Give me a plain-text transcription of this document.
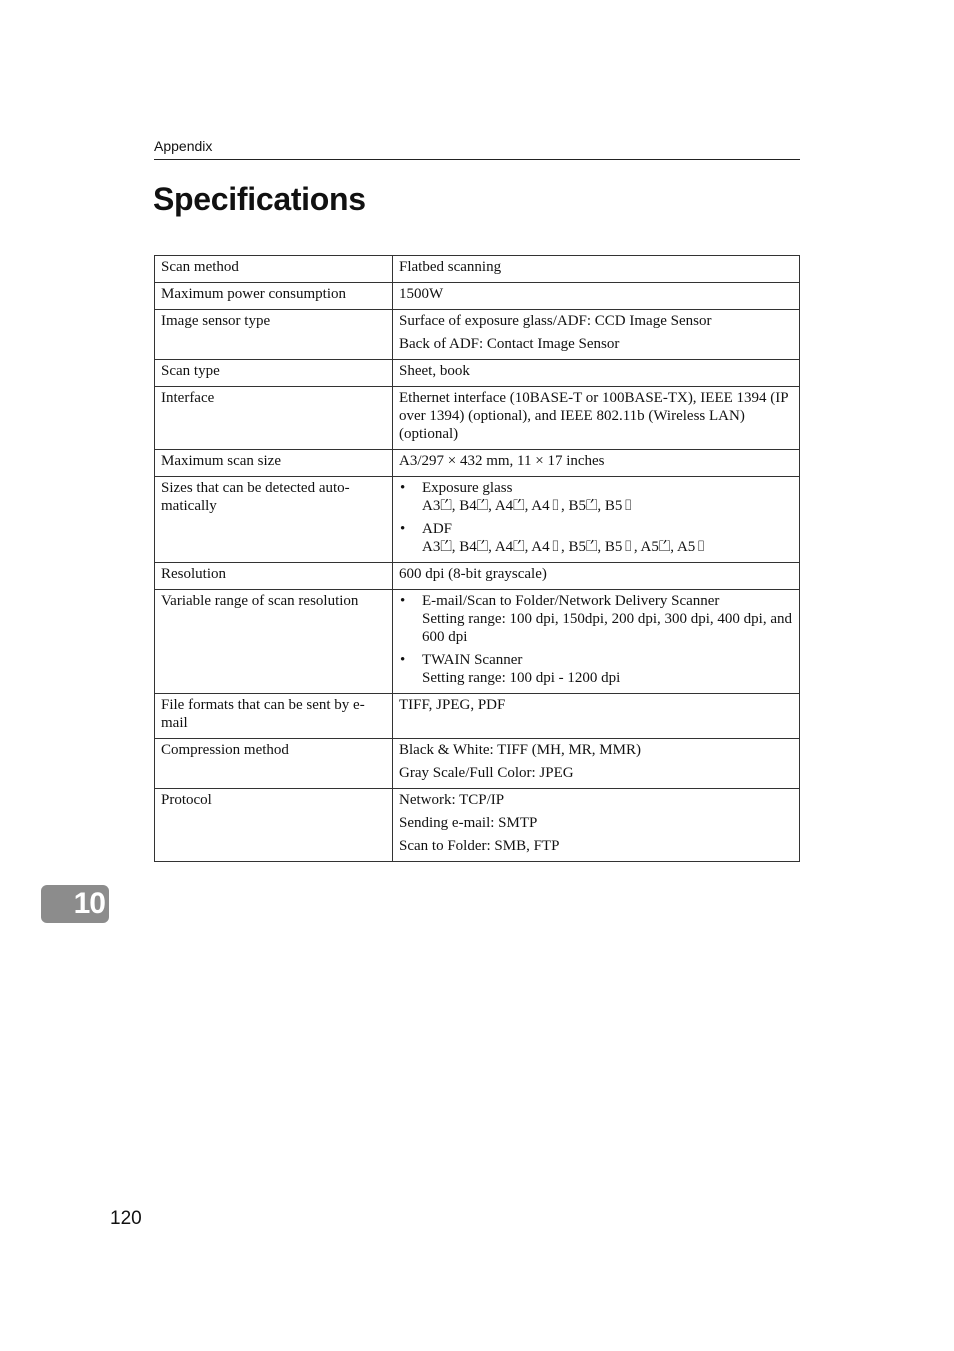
Appendix
Specifications
Scan method	Flatbed scanning

Maximum power consumption	1500W

Image sensor type	Surface of exposure glass/ADF: CCD Image Sensor
Back of ADF: Contact Image Sensor

Scan type	Sheet, book

Interface	Ethernet interface (10BASE-T or 100BASE-TX), IEEE 1394 (IP over 1394) (optional), and IEEE 802.11b (Wireless LAN) (optional)

Maximum scan size	A3/297 × 432 mm, 11 × 17 inches

Sizes that can be detected auto-matically	• Exposure glass
A3⏍, B4⏍, A4⏍, A4▯, B5⏍, B5▯
• ADF
A3⏍, B4⏍, A4⏍, A4▯, B5⏍, B5▯, A5⏍, A5▯

Resolution	600 dpi (8-bit grayscale)

Variable range of scan resolution	• E-mail/Scan to Folder/Network Delivery Scanner
Setting range: 100 dpi, 150dpi, 200 dpi, 300 dpi, 400 dpi, and 600 dpi
• TWAIN Scanner
Setting range: 100 dpi - 1200 dpi

File formats that can be sent by e-mail	TIFF, JPEG, PDF

Compression method	Black & White: TIFF (MH, MR, MMR)
Gray Scale/Full Color: JPEG

Protocol	Network: TCP/IP
Sending e-mail: SMTP
Scan to Folder: SMB, FTP
10
120
